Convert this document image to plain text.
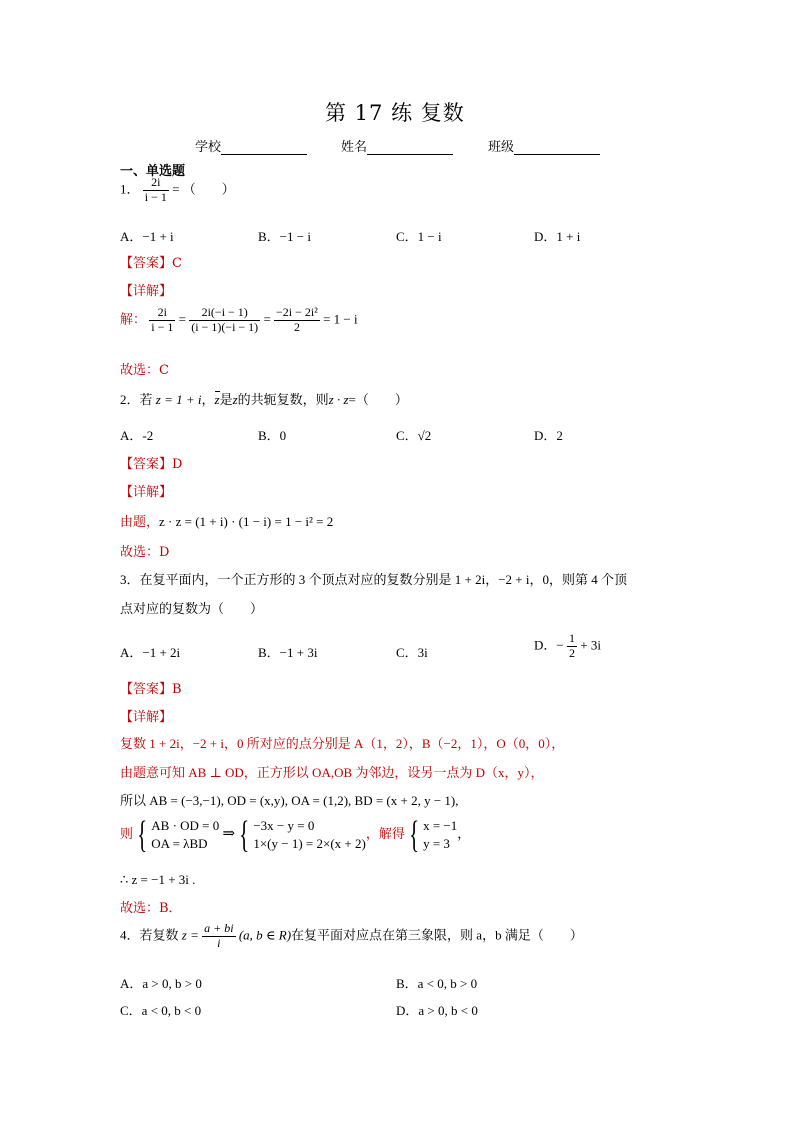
第 17 练 复数
学校	姓名	班级
一、单选题
1． $\frac{2i}{i - 1}$ = （　　）
A．−1 + i	B．−1 − i	C．1 − i	D．1 + i
【答案】C
【详解】
解： $\frac{2i}{i - 1} = \frac{2i(-i - 1)}{(i - 1)(-i - 1)} = \frac{\text{−2i − 2i²}}{2} = 1 - i$
故选：C
2．若 z = 1 + i，z是z的共轭复数，则z · z=（　　）
A．-2	B．0	C．√2	D．2
【答案】D
【详解】
由题，z · z = (1 + i) · (1 − i) = 1 − i² = 2
故选：D
3．在复平面内，一个正方形的 3 个顶点对应的复数分别是 1 + 2i，−2 + i，0，则第 4 个顶
点对应的复数为（　　）
A．−1 + 2i	B．−1 + 3i	C．3i
D．− $\frac{1}{2} + 3i$
【答案】B
【详解】
复数 1 + 2i，−2 + i，0 所对应的点分别是 A（1，2），B（−2，1），O（0，0），
由题意可知 AB ⊥ OD，正方形以 OA,OB 为邻边，设另一点为 D（x，y），
所以 AB = (−3,−1), OD = (x,y), OA = (1,2), BD = (x + 2, y − 1),
则 { AB · OD = 0
OA = λBD
⇒ { −3x − y = 0
1×(y − 1) = 2×(x + 2)
，解得 { x = −1
y = 3
，
∴ z = −1 + 3i .
故选：B．
4．若复数 $z = \frac{a + bi}{i} (a$, b ∈ R)在复平面对应点在第三象限，则 a，b 满足（　　）
A．a > 0, b > 0	B．a < 0, b > 0
C．a < 0, b < 0	D．a > 0, b < 0
